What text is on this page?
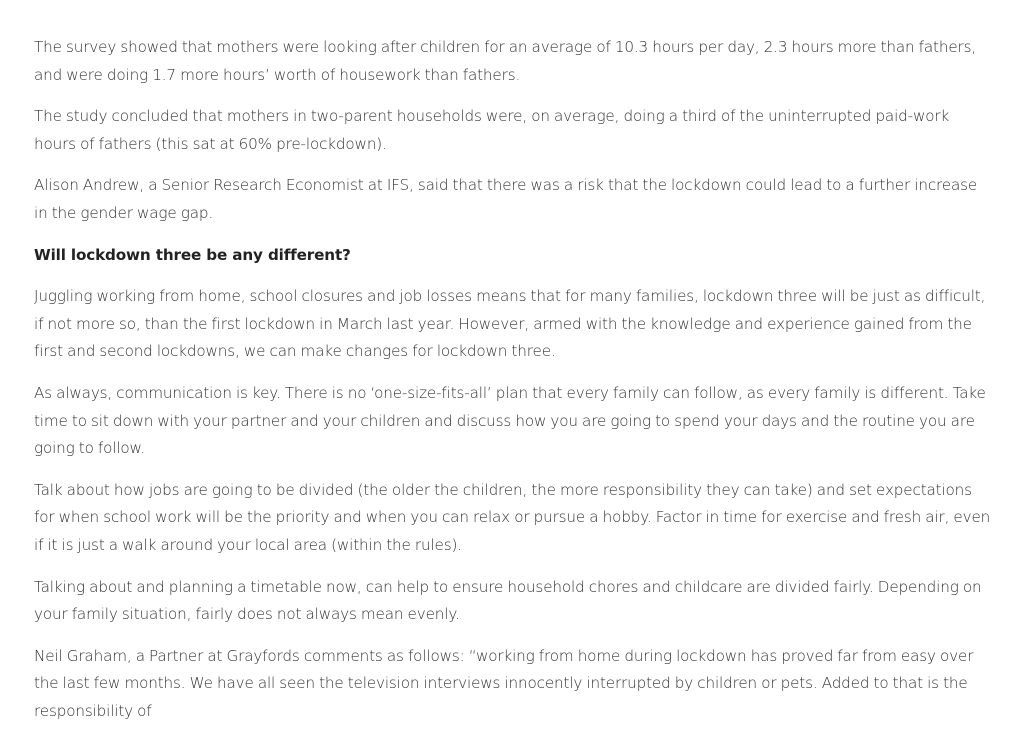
The survey showed that mothers were looking after children for an average of 10.3 hours per day, 2.3 hours more than fathers, and were doing 1.7 more hours’ worth of housework than fathers.

The study concluded that mothers in two-parent households were, on average, doing a third of the uninterrupted paid-work hours of fathers (this sat at 60% pre-lockdown).

Alison Andrew, a Senior Research Economist at IFS, said that there was a risk that the lockdown could lead to a further increase in the gender wage gap.

Will lockdown three be any different?

Juggling working from home, school closures and job losses means that for many families, lockdown three will be just as difficult, if not more so, than the first lockdown in March last year. However, armed with the knowledge and experience gained from the first and second lockdowns, we can make changes for lockdown three.

As always, communication is key. There is no ‘one-size-fits-all’ plan that every family can follow, as every family is different. Take time to sit down with your partner and your children and discuss how you are going to spend your days and the routine you are going to follow.

Talk about how jobs are going to be divided (the older the children, the more responsibility they can take) and set expectations for when school work will be the priority and when you can relax or pursue a hobby. Factor in time for exercise and fresh air, even if it is just a walk around your local area (within the rules).

Talking about and planning a timetable now, can help to ensure household chores and childcare are divided fairly. Depending on your family situation, fairly does not always mean evenly.

Neil Graham, a Partner at Grayfords comments as follows: “working from home during lockdown has proved far from easy over the last few months. We have all seen the television interviews innocently interrupted by children or pets. Added to that is the responsibility of
